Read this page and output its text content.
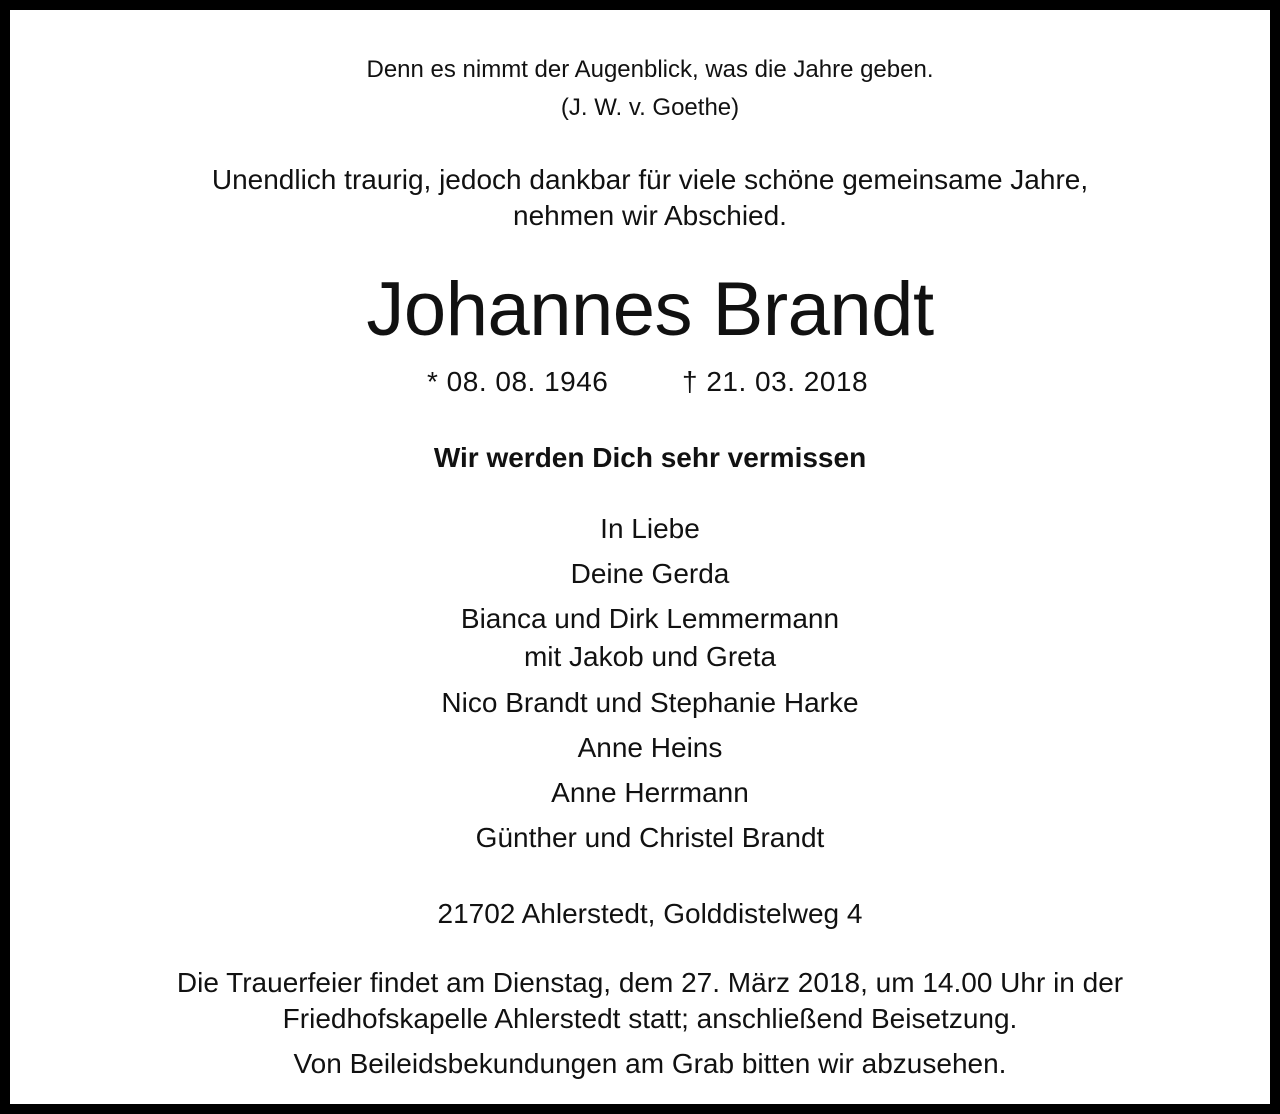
Denn es nimmt der Augenblick, was die Jahre geben.
(J. W. v. Goethe)
Unendlich traurig, jedoch dankbar für viele schöne gemeinsame Jahre,
nehmen wir Abschied.
Johannes Brandt
* 08. 08. 1946	† 21. 03. 2018
Wir werden Dich sehr vermissen
In Liebe
Deine Gerda
Bianca und Dirk Lemmermann
mit Jakob und Greta
Nico Brandt und Stephanie Harke
Anne Heins
Anne Herrmann
Günther und Christel Brandt
21702 Ahlerstedt, Golddistelweg 4
Die Trauerfeier findet am Dienstag, dem 27. März 2018, um 14.00 Uhr in der
Friedhofskapelle Ahlerstedt statt; anschließend Beisetzung.
Von Beileidsbekundungen am Grab bitten wir abzusehen.
